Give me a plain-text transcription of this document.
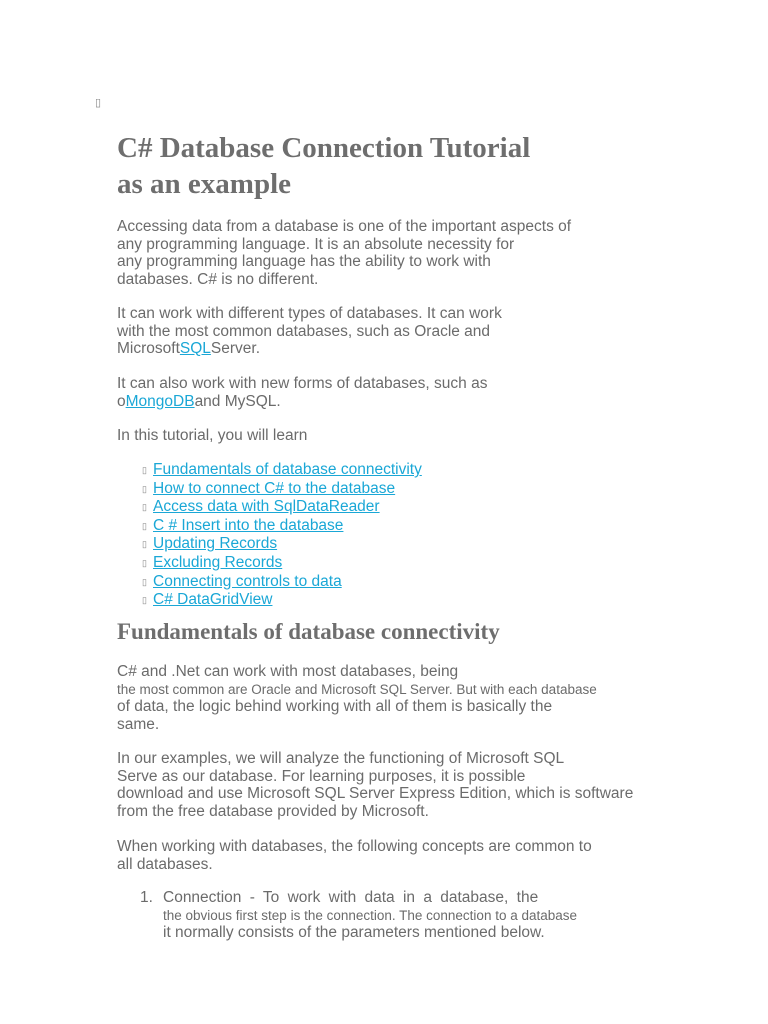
▯
C# Database Connection Tutorial
as an example
Accessing data from a database is one of the important aspects of
any programming language. It is an absolute necessity for
any programming language has the ability to work with
databases. C# is no different.
It can work with different types of databases. It can work
with the most common databases, such as Oracle and
MicrosoftSQLServer.
It can also work with new forms of databases, such as
oMongoDBand MySQL.
In this tutorial, you will learn
▯ Fundamentals of database connectivity
▯ How to connect C# to the database
▯ Access data with SqlDataReader
▯ C # Insert into the database
▯ Updating Records
▯ Excluding Records
▯ Connecting controls to data
▯ C# DataGridView
Fundamentals of database connectivity
C# and .Net can work with most databases, being
the most common are Oracle and Microsoft SQL Server. But with each database
of data, the logic behind working with all of them is basically the
same.
In our examples, we will analyze the functioning of Microsoft SQL
Serve as our database. For learning purposes, it is possible
download and use Microsoft SQL Server Express Edition, which is software
from the free database provided by Microsoft.
When working with databases, the following concepts are common to
all databases.
1. Connection - To work with data in a database, the
the obvious first step is the connection. The connection to a database
it normally consists of the parameters mentioned below.
